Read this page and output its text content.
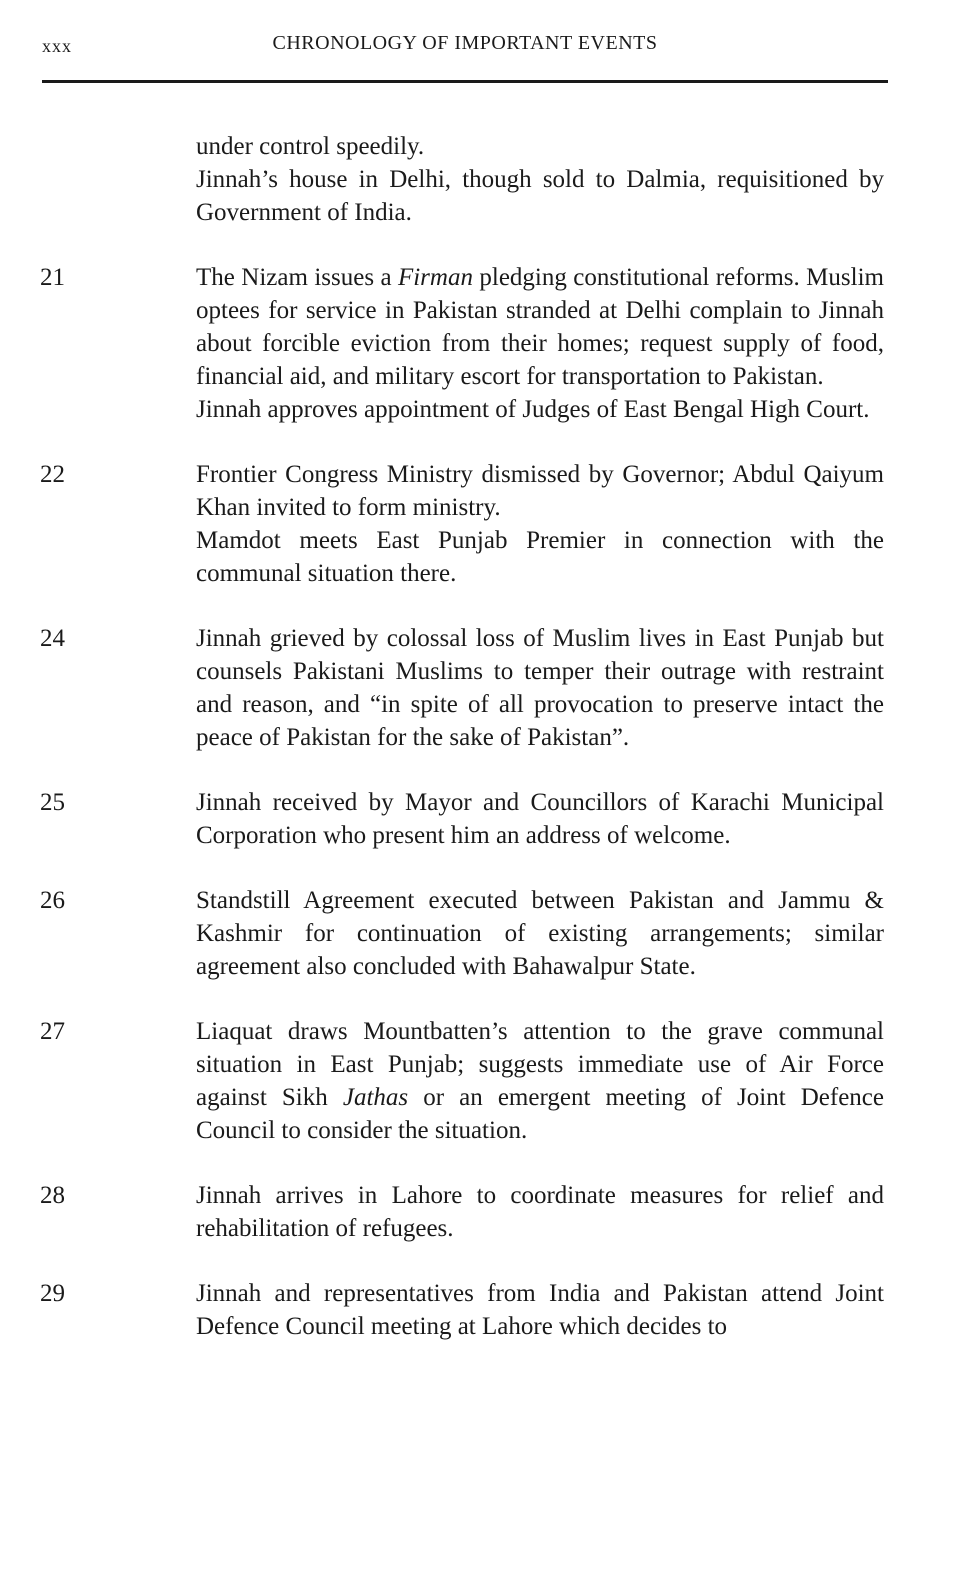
xxx	CHRONOLOGY OF IMPORTANT EVENTS

under control speedily.

Jinnah’s house in Delhi, though sold to Dalmia, requisitioned by Government of India.

21	The Nizam issues a Firman pledging constitutional reforms. Muslim optees for service in Pakistan stranded at Delhi complain to Jinnah about forcible eviction from their homes; request supply of food, financial aid, and military escort for transportation to Pakistan.

Jinnah approves appointment of Judges of East Bengal High Court.

22	Frontier Congress Ministry dismissed by Governor; Abdul Qaiyum Khan invited to form ministry.

Mamdot meets East Punjab Premier in connection with the communal situation there.

24	Jinnah grieved by colossal loss of Muslim lives in East Punjab but counsels Pakistani Muslims to temper their outrage with restraint and reason, and “in spite of all provocation to preserve intact the peace of Pakistan for the sake of Pakistan”.

25	Jinnah received by Mayor and Councillors of Karachi Municipal Corporation who present him an address of welcome.

26	Standstill Agreement executed between Pakistan and Jammu & Kashmir for continuation of existing arrangements; similar agreement also concluded with Bahawalpur State.

27	Liaquat draws Mountbatten’s attention to the grave communal situation in East Punjab; suggests immediate use of Air Force against Sikh Jathas or an emergent meeting of Joint Defence Council to consider the situation.

28	Jinnah arrives in Lahore to coordinate measures for relief and rehabilitation of refugees.

29	Jinnah and representatives from India and Pakistan attend Joint Defence Council meeting at Lahore which decides to
